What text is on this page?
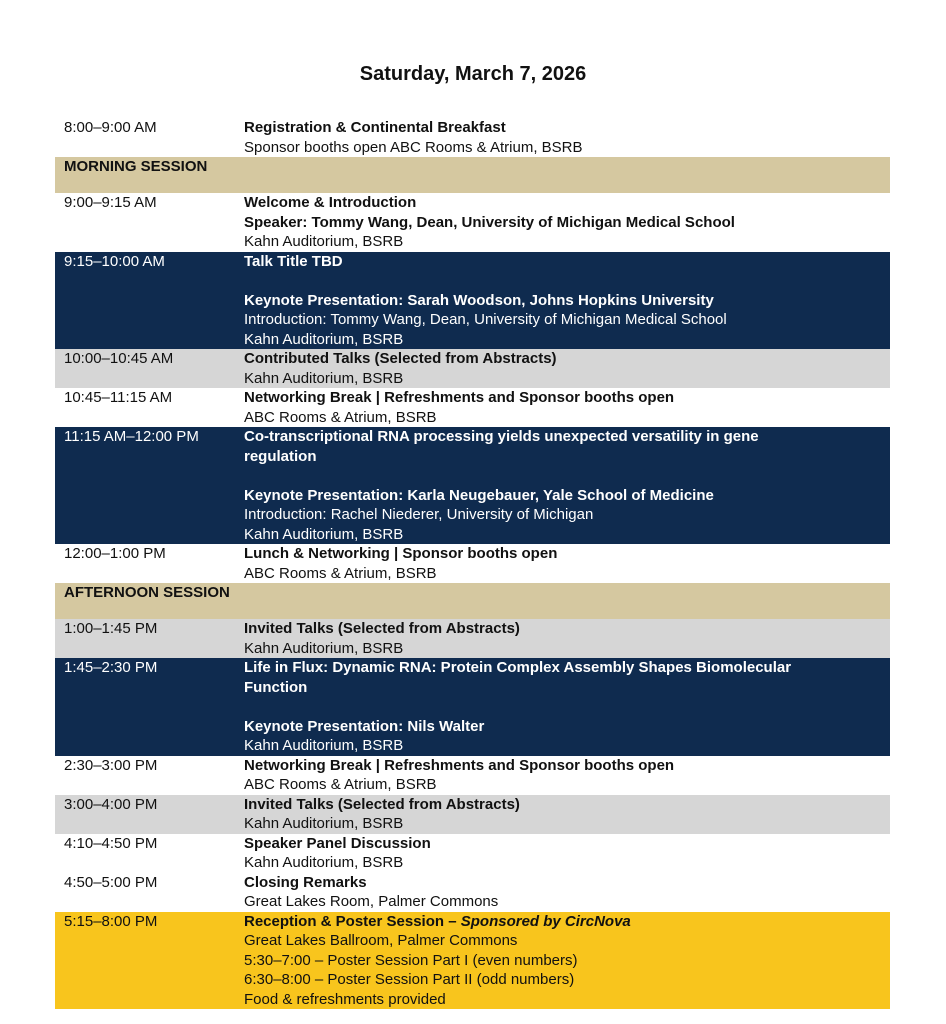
Saturday, March 7, 2026
8:00–9:00 AM	Registration & Continental Breakfast
Sponsor booths open ABC Rooms & Atrium, BSRB
MORNING SESSION
9:00–9:15 AM	Welcome & Introduction
Speaker: Tommy Wang, Dean, University of Michigan Medical School
Kahn Auditorium, BSRB
9:15–10:00 AM	Talk Title TBD
Keynote Presentation: Sarah Woodson, Johns Hopkins University
Introduction: Tommy Wang, Dean, University of Michigan Medical School
Kahn Auditorium, BSRB
10:00–10:45 AM	Contributed Talks (Selected from Abstracts)
Kahn Auditorium, BSRB
10:45–11:15 AM	Networking Break | Refreshments and Sponsor booths open
ABC Rooms & Atrium, BSRB
11:15 AM–12:00 PM	Co-transcriptional RNA processing yields unexpected versatility in gene
regulation
Keynote Presentation: Karla Neugebauer, Yale School of Medicine
Introduction: Rachel Niederer, University of Michigan
Kahn Auditorium, BSRB
12:00–1:00 PM	Lunch & Networking | Sponsor booths open
ABC Rooms & Atrium, BSRB
AFTERNOON SESSION
1:00–1:45 PM	Invited Talks (Selected from Abstracts)
Kahn Auditorium, BSRB
1:45–2:30 PM	Life in Flux: Dynamic RNA: Protein Complex Assembly Shapes Biomolecular
Function
Keynote Presentation: Nils Walter
Kahn Auditorium, BSRB
2:30–3:00 PM	Networking Break | Refreshments and Sponsor booths open
ABC Rooms & Atrium, BSRB
3:00–4:00 PM	Invited Talks (Selected from Abstracts)
Kahn Auditorium, BSRB
4:10–4:50 PM	Speaker Panel Discussion
Kahn Auditorium, BSRB
4:50–5:00 PM	Closing Remarks
Great Lakes Room, Palmer Commons
5:15–8:00 PM	Reception & Poster Session – Sponsored by CircNova
Great Lakes Ballroom, Palmer Commons
5:30–7:00 – Poster Session Part I (even numbers)
6:30–8:00 – Poster Session Part II (odd numbers)
Food & refreshments provided
